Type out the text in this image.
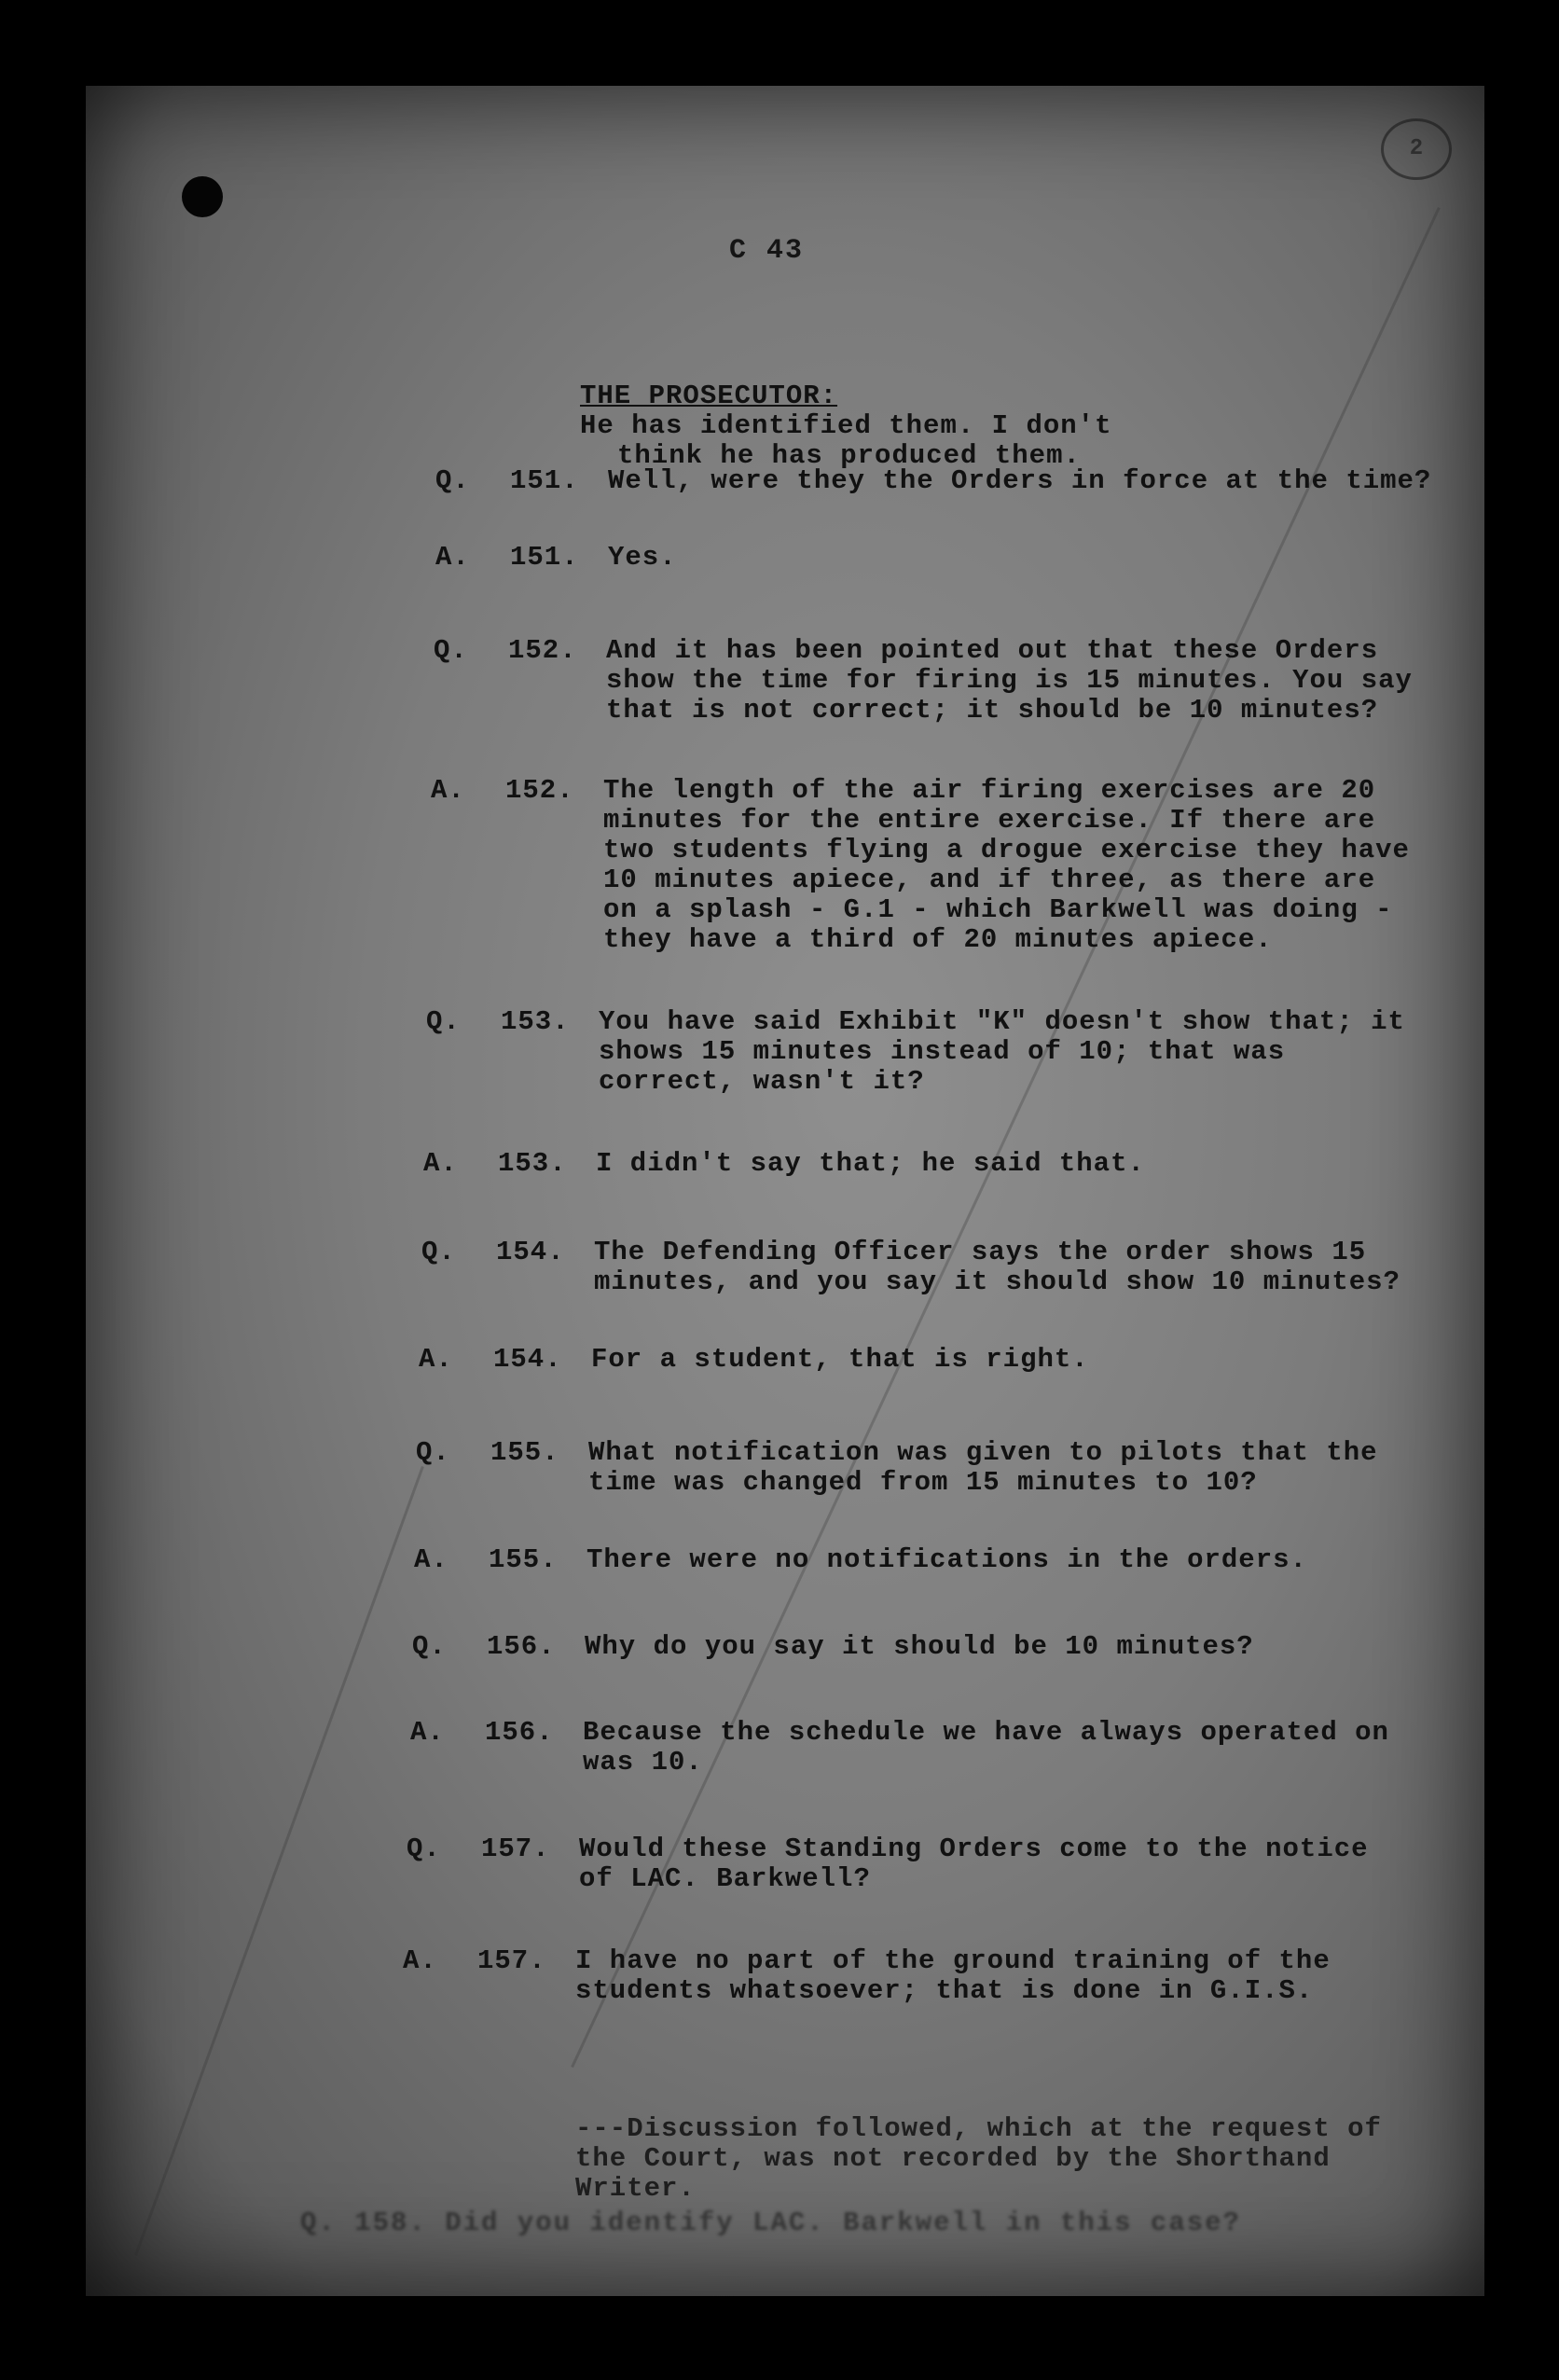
2
C 43

THE PROSECUTOR:
He has identified them. I don't

think he has produced them.

Q.	151. Well, were they the Orders in force at the time?

A.	151. Yes.

Q.	152. And it has been pointed out that these Orders
show the time for firing is 15 minutes. You say
that is not correct; it should be 10 minutes?

A.	152. The length of the air firing exercises are 20
minutes for the entire exercise. If there are
two students flying a drogue exercise they have
10 minutes apiece, and if three, as there are
on a splash - G.1 - which Barkwell was doing -
they have a third of 20 minutes apiece.

Q.	153. You have said Exhibit "K" doesn't show that; it
shows 15 minutes instead of 10; that was
correct, wasn't it?

A.	153. I didn't say that; he said that.

Q.	154. The Defending Officer says the order shows 15
minutes, and you say it should show 10 minutes?

A.	154. For a student, that is right.

Q.	155. What notification was given to pilots that the
time was changed from 15 minutes to 10?

A.	155. There were no notifications in the orders.

Q.	156. Why do you say it should be 10 minutes?

A.	156. Because the schedule we have always operated on
was 10.

Q.	157. Would these Standing Orders come to the notice
of LAC. Barkwell?

A.	157. I have no part of the ground training of the
students whatsoever; that is done in G.I.S.

---Discussion followed, which at the request of
the Court, was not recorded by the Shorthand
Writer.
Q. 158. Did you identify LAC. Barkwell in this case?
